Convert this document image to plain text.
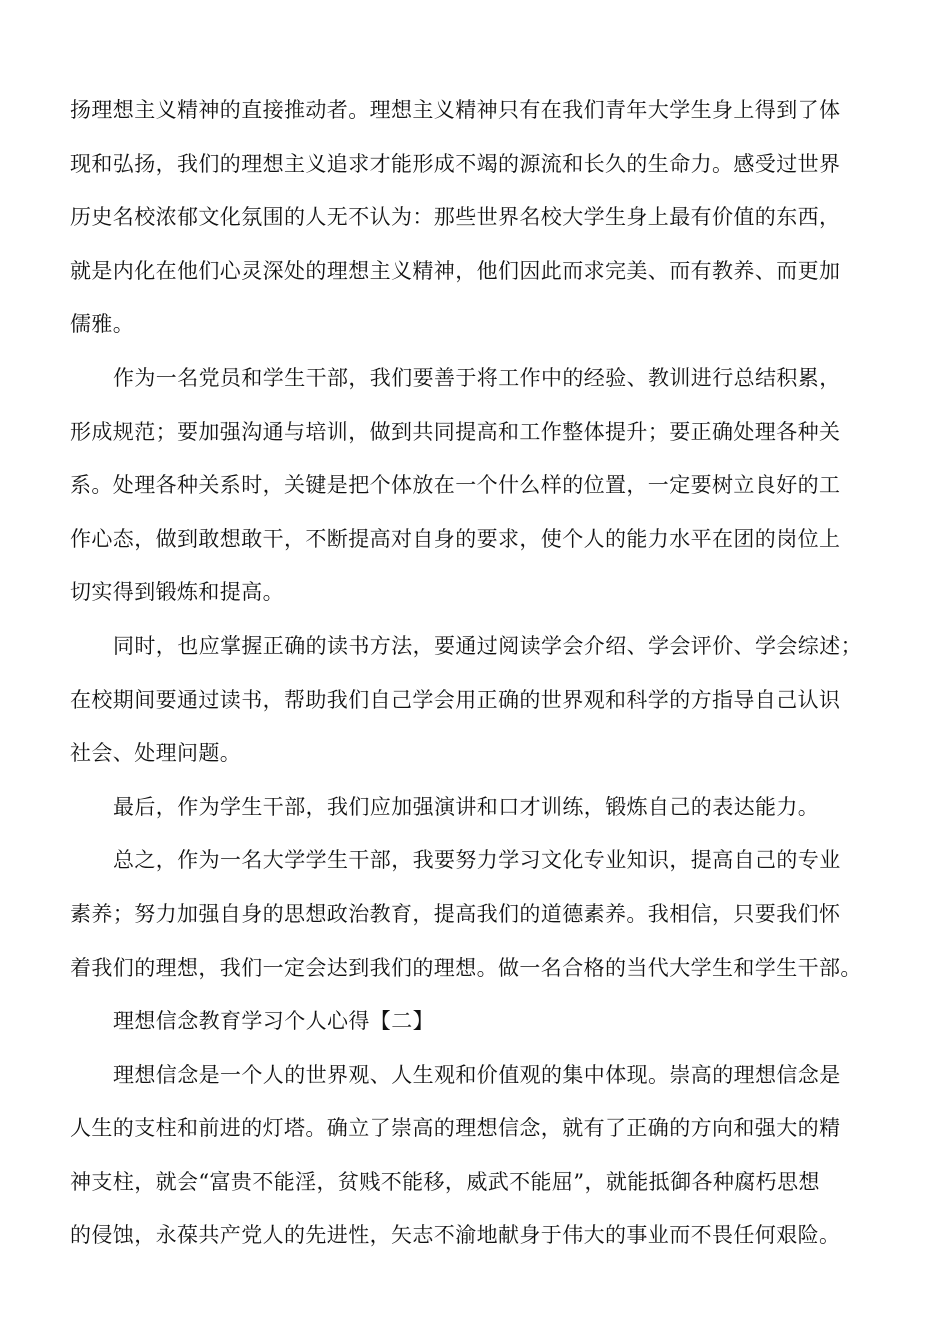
扬理想主义精神的直接推动者。理想主义精神只有在我们青年大学生身上得到了体
现和弘扬，我们的理想主义追求才能形成不竭的源流和长久的生命力。感受过世界
历史名校浓郁文化氛围的人无不认为：那些世界名校大学生身上最有价值的东西，
就是内化在他们心灵深处的理想主义精神，他们因此而求完美、而有教养、而更加
儒雅。
作为一名党员和学生干部，我们要善于将工作中的经验、教训进行总结积累，
形成规范；要加强沟通与培训，做到共同提高和工作整体提升；要正确处理各种关
系。处理各种关系时，关键是把个体放在一个什么样的位置，一定要树立良好的工
作心态，做到敢想敢干，不断提高对自身的要求，使个人的能力水平在团的岗位上
切实得到锻炼和提高。
同时，也应掌握正确的读书方法，要通过阅读学会介绍、学会评价、学会综述；
在校期间要通过读书，帮助我们自己学会用正确的世界观和科学的方指导自己认识
社会、处理问题。
最后，作为学生干部，我们应加强演讲和口才训练，锻炼自己的表达能力。
总之，作为一名大学学生干部，我要努力学习文化专业知识，提高自己的专业
素养；努力加强自身的思想政治教育，提高我们的道德素养。我相信，只要我们怀
着我们的理想，我们一定会达到我们的理想。做一名合格的当代大学生和学生干部。
理想信念教育学习个人心得【二】
理想信念是一个人的世界观、人生观和价值观的集中体现。崇高的理想信念是
人生的支柱和前进的灯塔。确立了崇高的理想信念，就有了正确的方向和强大的精
神支柱，就会“富贵不能淫，贫贱不能移，威武不能屈”，就能抵御各种腐朽思想
的侵蚀，永葆共产党人的先进性，矢志不渝地献身于伟大的事业而不畏任何艰险。
